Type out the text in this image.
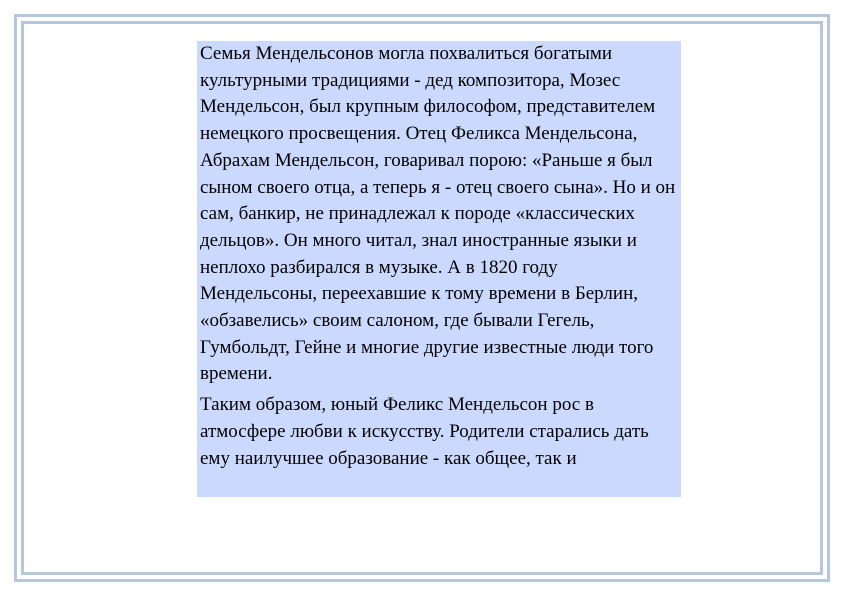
Семья Мендельсонов могла похвалиться богатыми культурными традициями - дед композитора, Мозес Мендельсон, был крупным философом, представителем немецкого просвещения. Отец Феликса Мендельсона, Абрахам Мендельсон, говаривал порою: «Раньше я был сыном своего отца, а теперь я - отец своего сына». Но и он сам, банкир, не принадлежал к породе «классических дельцов». Он много читал, знал иностранные языки и неплохо разбирался в музыке. А в 1820 году Мендельсоны, переехавшие к тому времени в Берлин, «обзавелись» своим салоном, где бывали Гегель, Гумбольдт, Гейне и многие другие известные люди того времени.

Таким образом, юный Феликс Мендельсон рос в атмосфере любви к искусству. Родители старались дать ему наилучшее образование - как общее, так и
